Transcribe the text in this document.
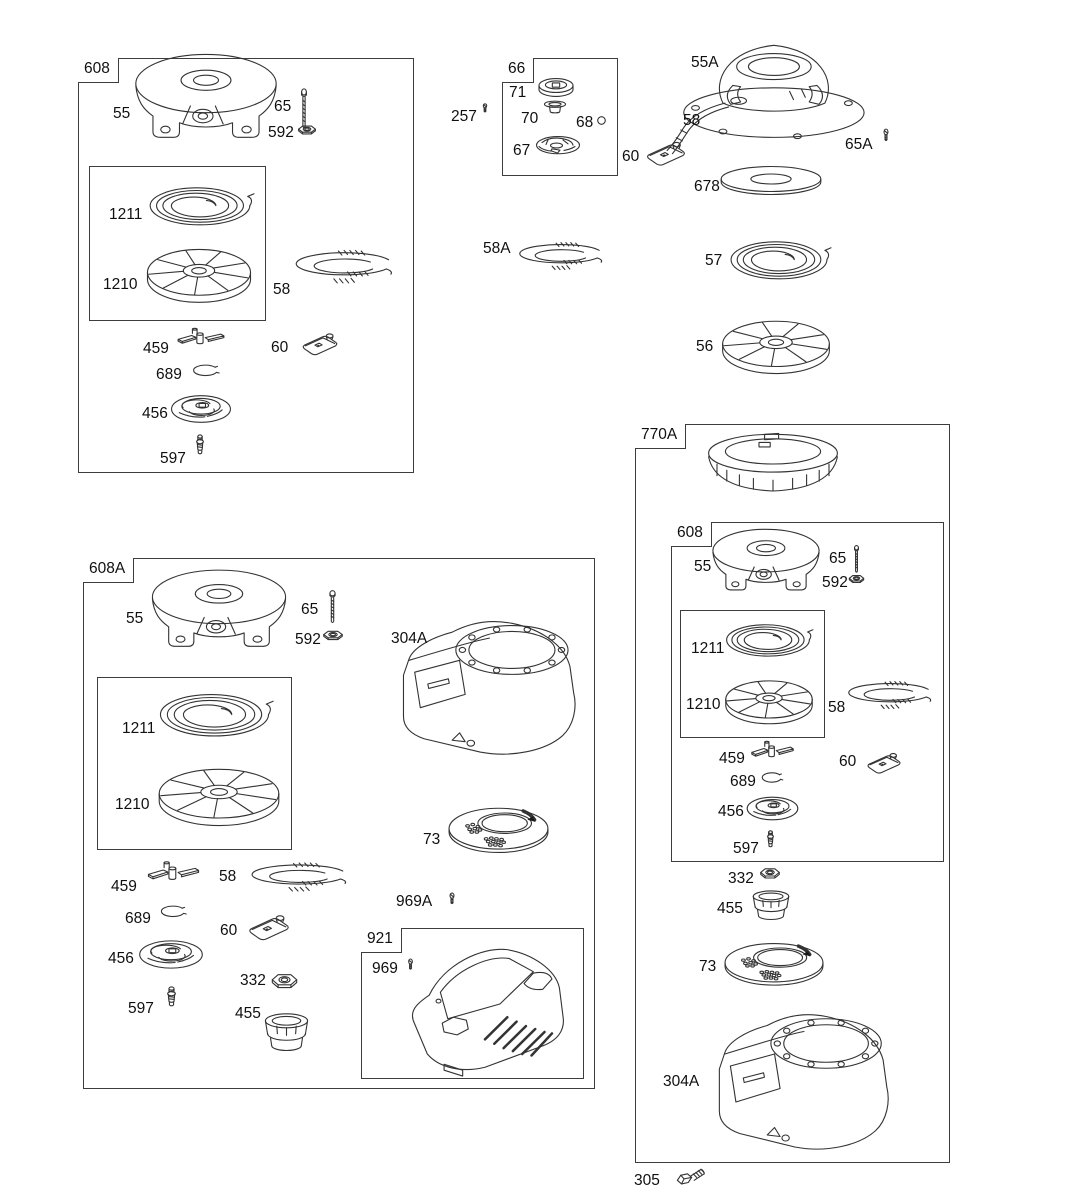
608
55	65
592
1211
1210	58
459	60
689
456
597
66
71
70 68
67
257
55A
58
60
65A
678
57
56
58A
770A
608
55	65
592
1211
1210	58
459	60
689
456
597
332
455
73
304A
608A
921
55
65
592	304A
1211
1210
459
58
689
60
456
332
597	455
73
969A
969
305
